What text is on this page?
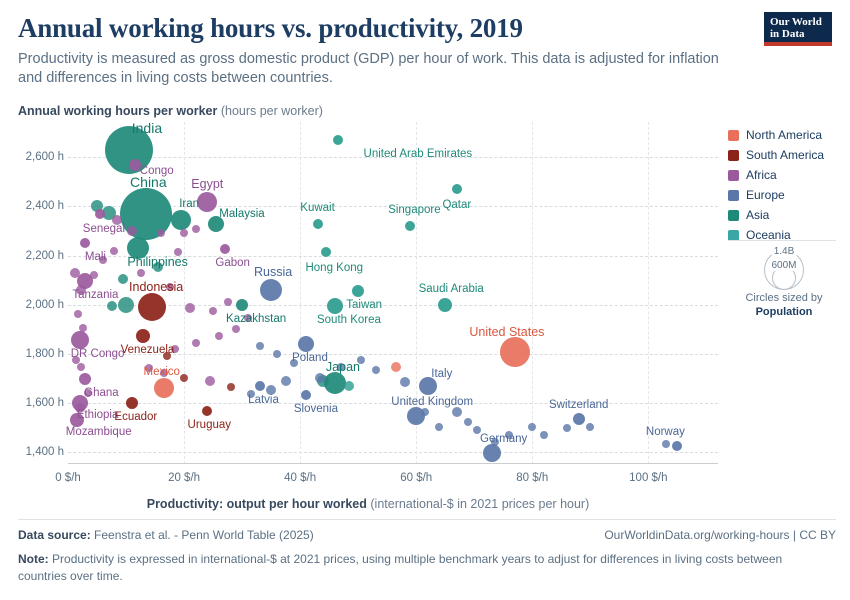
Annual working hours vs. productivity, 2019

Productivity is measured as gross domestic product (GDP) per hour of work. This data is adjusted for inflation and differences in living costs between countries.

Our World
in Data
Annual working hours per worker (hours per worker)
1,400 h
1,600 h
1,800 h
2,000 h
2,200 h
2,400 h
2,600 h
0 $/h	20 $/h	40 $/h	60 $/h	80 $/h	100 $/h
India
Congo
United Arab Emirates
Qatar
Egypt
China
Senegal
Iran
Malaysia	Kuwait	Singapore
Mali Philippines Gabon	Hong Kong
Tanzania
Russia
Taiwan
Indonesia
Kazakhstan	South Korea
Saudi Arabia
DR Congo
Venezuela
Poland
United States
Ghana
Mexico
Latvia
Japan	Italy
Slovenia
Ethiopia
Ecuador
Mozambique
Uruguay
United Kingdom	Switzerland
Germany
Norway
Productivity: output per hour worked (international-$ in 2021 prices per hour)
North America
South America
Africa
Europe
Asia
Oceania
1.4B
600M
Circles sized by
Population
Data source: Feenstra et al. - Penn World Table (2025)	OurWorldinData.org/working-hours | CC BY
Note: Productivity is expressed in international-$ at 2021 prices, using multiple benchmark years to adjust for differences in living costs between countries over time.
